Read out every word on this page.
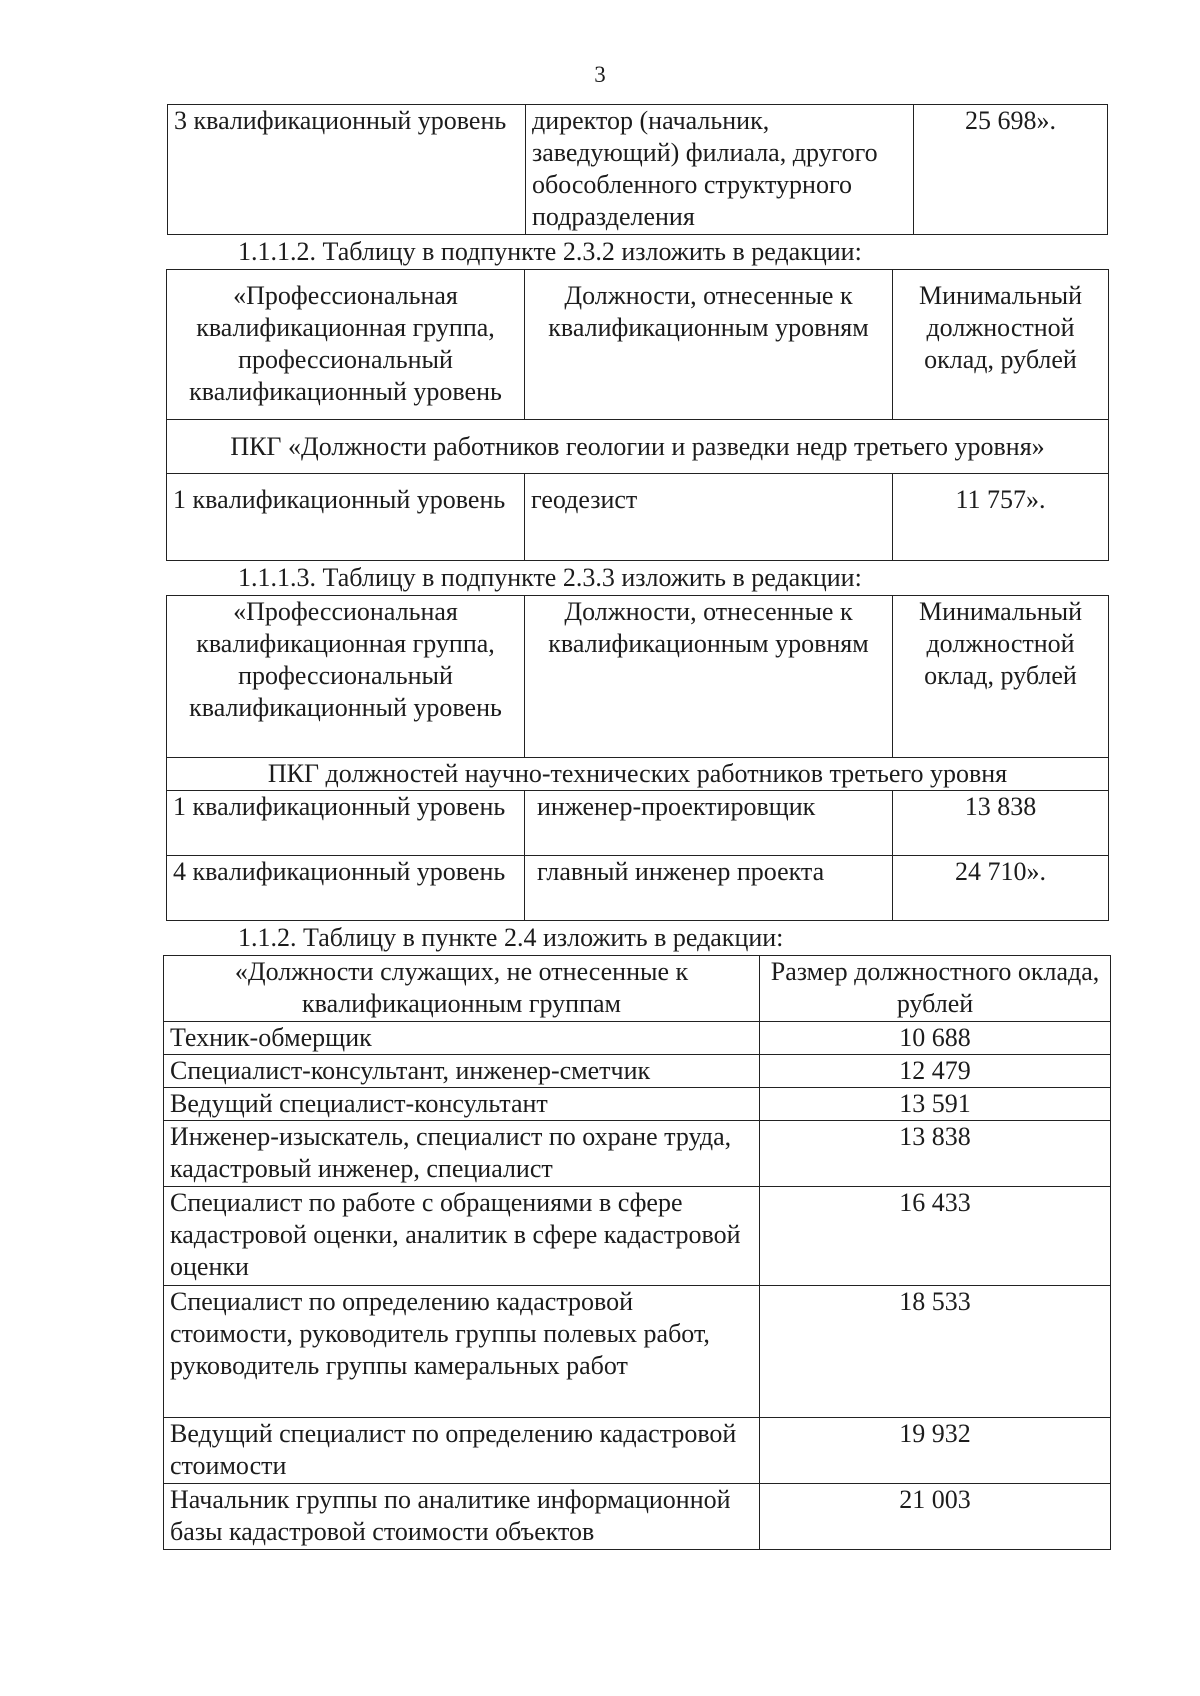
3
3 квалификационный уровень	директор (начальник, заведующий) филиала, другого обособленного структурного подразделения	25 698».
1.1.1.2. Таблицу в подпункте 2.3.2 изложить в редакции:
«Профессиональная квалификационная группа, профессиональный квалификационный уровень	Должности, отнесенные к квалификационным уровням	Минимальный должностной оклад, рублей
ПКГ «Должности работников геологии и разведки недр третьего уровня»		
1 квалификационный уровень	геодезист	11 757».
1.1.1.3. Таблицу в подпункте 2.3.3 изложить в редакции:
«Профессиональная квалификационная группа, профессиональный квалификационный уровень	Должности, отнесенные к квалификационным уровням	Минимальный должностной оклад, рублей
ПКГ должностей научно-технических работников третьего уровня		
1 квалификационный уровень	инженер-проектировщик	13 838
4 квалификационный уровень	главный инженер проекта	24 710».
1.1.2. Таблицу в пункте 2.4 изложить в редакции:
«Должности служащих, не отнесенные к квалификационным группам	Размер должностного оклада, рублей
Техник-обмерщик	10 688
Специалист-консультант, инженер-сметчик	12 479
Ведущий специалист-консультант	13 591
Инженер-изыскатель, специалист по охране труда, кадастровый инженер, специалист	13 838
Специалист по работе с обращениями в сфере кадастровой оценки, аналитик в сфере кадастровой оценки	16 433
Специалист по определению кадастровой стоимости, руководитель группы полевых работ, руководитель группы камеральных работ	18 533
Ведущий специалист по определению кадастровой стоимости	19 932
Начальник группы по аналитике информационной базы кадастровой стоимости объектов	21 003
